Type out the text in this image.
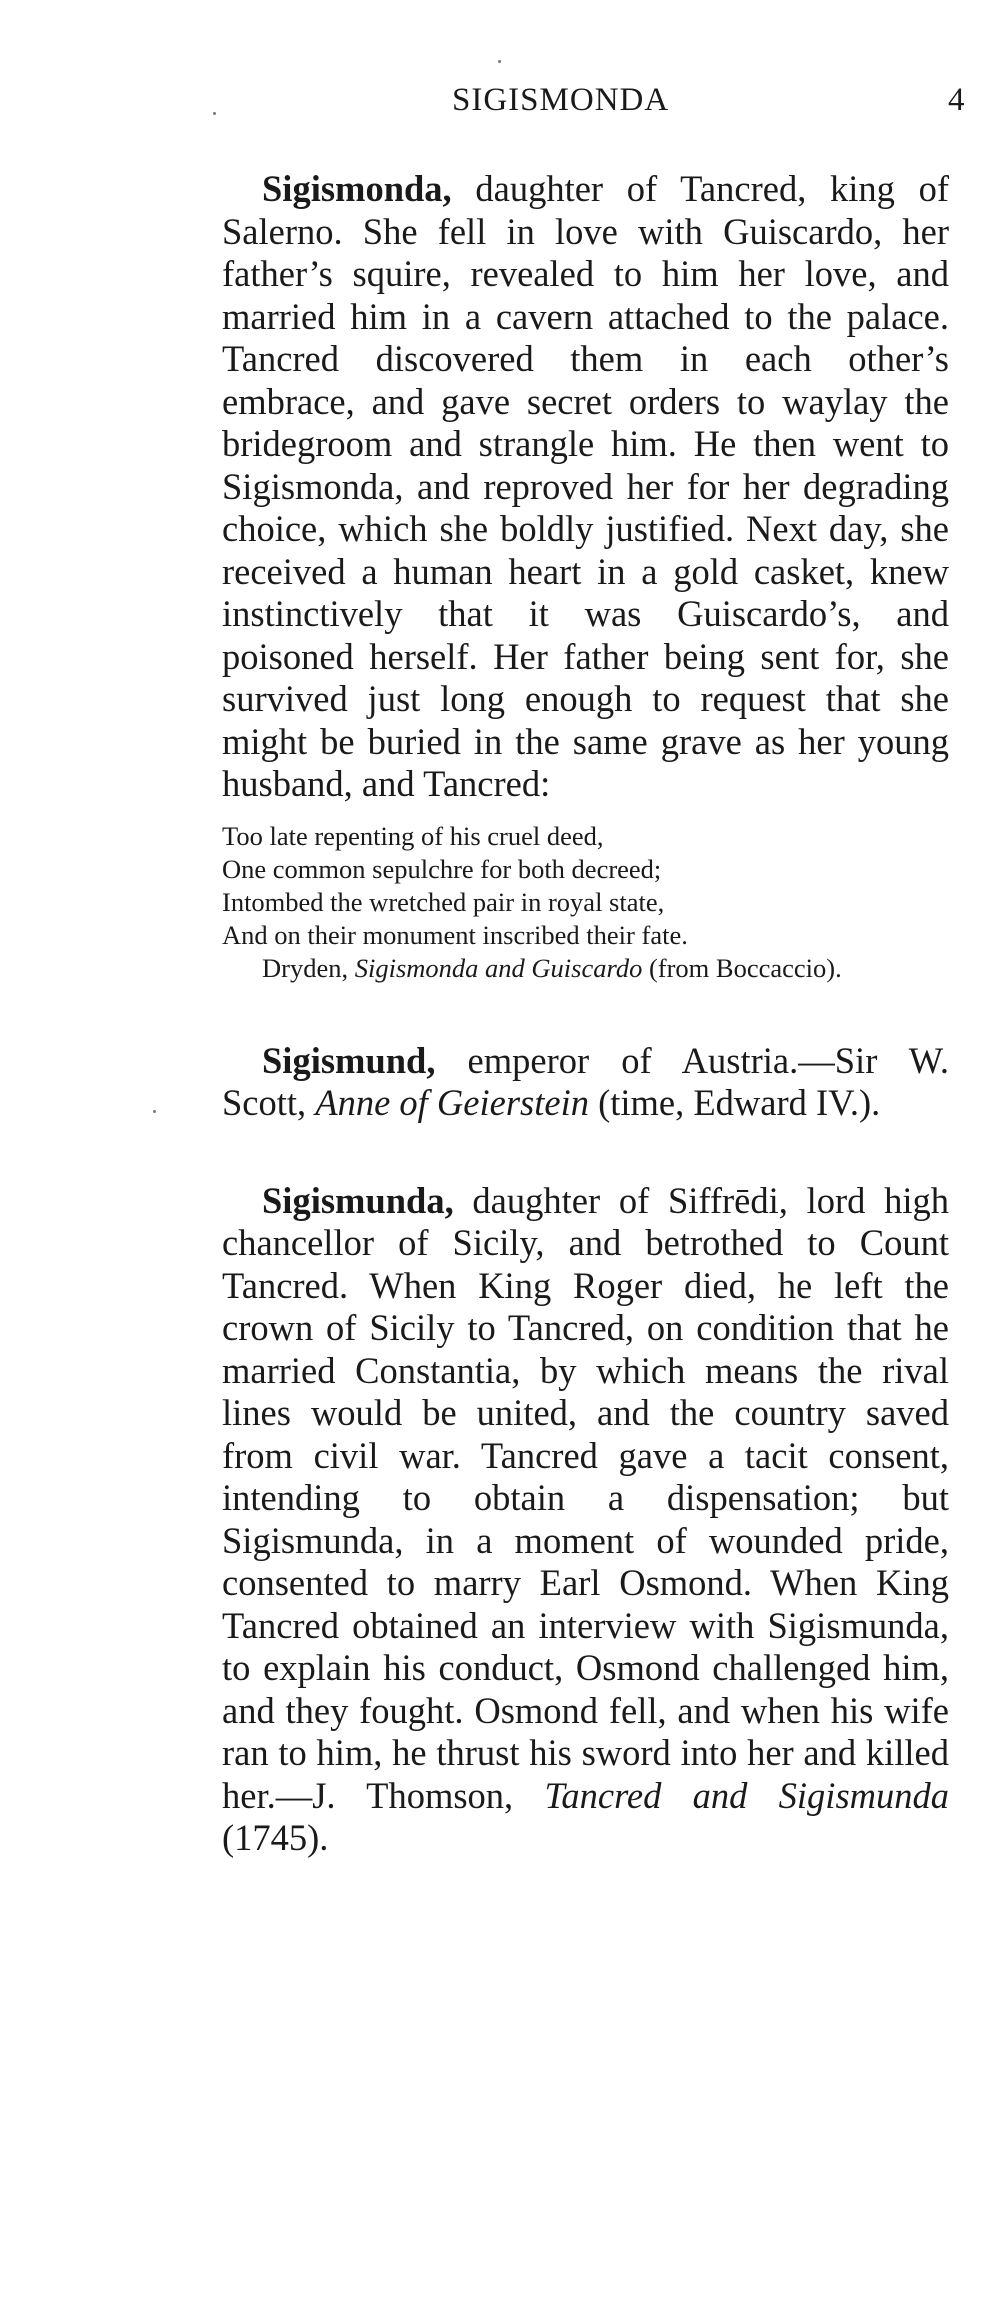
SIGISMONDA	4

Sigismonda, daughter of Tancred, king of Salerno. She fell in love with Guiscardo, her father’s squire, revealed to him her love, and married him in a cavern attached to the palace. Tancred discovered them in each other’s embrace, and gave secret orders to waylay the bridegroom and strangle him. He then went to Sigismonda, and reproved her for her degrading choice, which she boldly justified. Next day, she received a human heart in a gold casket, knew instinctively that it was Guiscardo’s, and poisoned herself. Her father being sent for, she survived just long enough to request that she might be buried in the same grave as her young husband, and Tancred:

Too late repenting of his cruel deed,
One common sepulchre for both decreed;
Intombed the wretched pair in royal state,
And on their monument inscribed their fate.

Dryden, Sigismonda and Guiscardo (from Boccaccio).

Sigismund, emperor of Austria.—Sir W. Scott, Anne of Geierstein (time, Edward IV.).

Sigismunda, daughter of Siffrēdi, lord high chancellor of Sicily, and betrothed to Count Tancred. When King Roger died, he left the crown of Sicily to Tancred, on condition that he married Constantia, by which means the rival lines would be united, and the country saved from civil war. Tancred gave a tacit consent, intending to obtain a dispensation; but Sigismunda, in a moment of wounded pride, consented to marry Earl Osmond. When King Tancred obtained an interview with Sigismunda, to explain his conduct, Osmond challenged him, and they fought. Osmond fell, and when his wife ran to him, he thrust his sword into her and killed her.—J. Thomson, Tancred and Sigismunda (1745).
